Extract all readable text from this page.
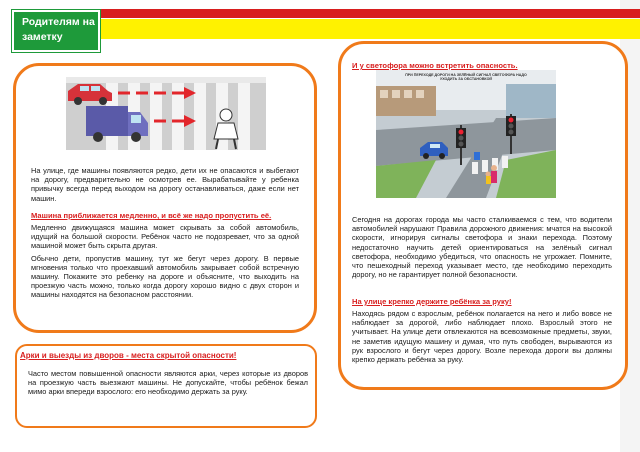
Родителям на
заметку
На улице, где машины появляются редко, дети их не опасаются и выбегают на дорогу, предварительно не осмотрев ее. Вырабатывайте у ребенка привычку всегда перед выходом на дорогу останавливаться, даже если нет машин.
Машина приближается медленно, и всё же надо пропустить её.

Медленно движущаяся машина может скрывать за собой автомобиль, идущий на большой скорости. Ребёнок часто не подозревает, что за одной машиной может быть скрыта другая.

Обычно дети, пропустив машину, тут же бегут через дорогу. В первые мгновения только что проехавший автомобиль закрывает собой встречную машину. Покажите это ребенку на дороге и объясните, что выходить на проезжую часть можно, только когда дорогу хорошо видно с двух сторон и машины находятся на безопасном расстоянии.

Арки и выезды из дворов - места скрытой опасности!
Часто местом повышенной опасности являются арки, через которые из дворов на проезжую часть выезжают машины. Не допускайте, чтобы ребёнок бежал мимо арки впереди взрослого: его необходимо держать за руку.
И у светофора можно встретить опасность.
ПРИ ПЕРЕХОДЕ ДОРОГИ НА ЗЕЛЁНЫЙ СИГНАЛ СВЕТОФОРА НАДО УХОДИТЬ ЗА ОБСТАНОВКОЙ
Сегодня на дорогах города мы часто сталкиваемся с тем, что водители автомобилей нарушают Правила дорожного движения: мчатся на высокой скорости, игнорируя сигналы светофора и знаки перехода. Поэтому недостаточно научить детей ориентироваться на зелёный сигнал светофора, необходимо убедиться, что опасность не угрожает. Помните, что пешеходный переход указывает место, где необходимо переходить дорогу, но не гарантирует полной безопасности.
На улице крепко держите ребёнка за руку!
Находясь рядом с взрослым, ребёнок полагается на него и либо вовсе не наблюдает за дорогой, либо наблюдает плохо. Взрослый этого не учитывает. На улице дети отвлекаются на всевозможные предметы, звуки, не заметив идущую машину и думая, что путь свободен, вырываются из рук взрослого и бегут через дорогу. Возле перехода дороги вы должны крепко держать ребёнка за руку.
